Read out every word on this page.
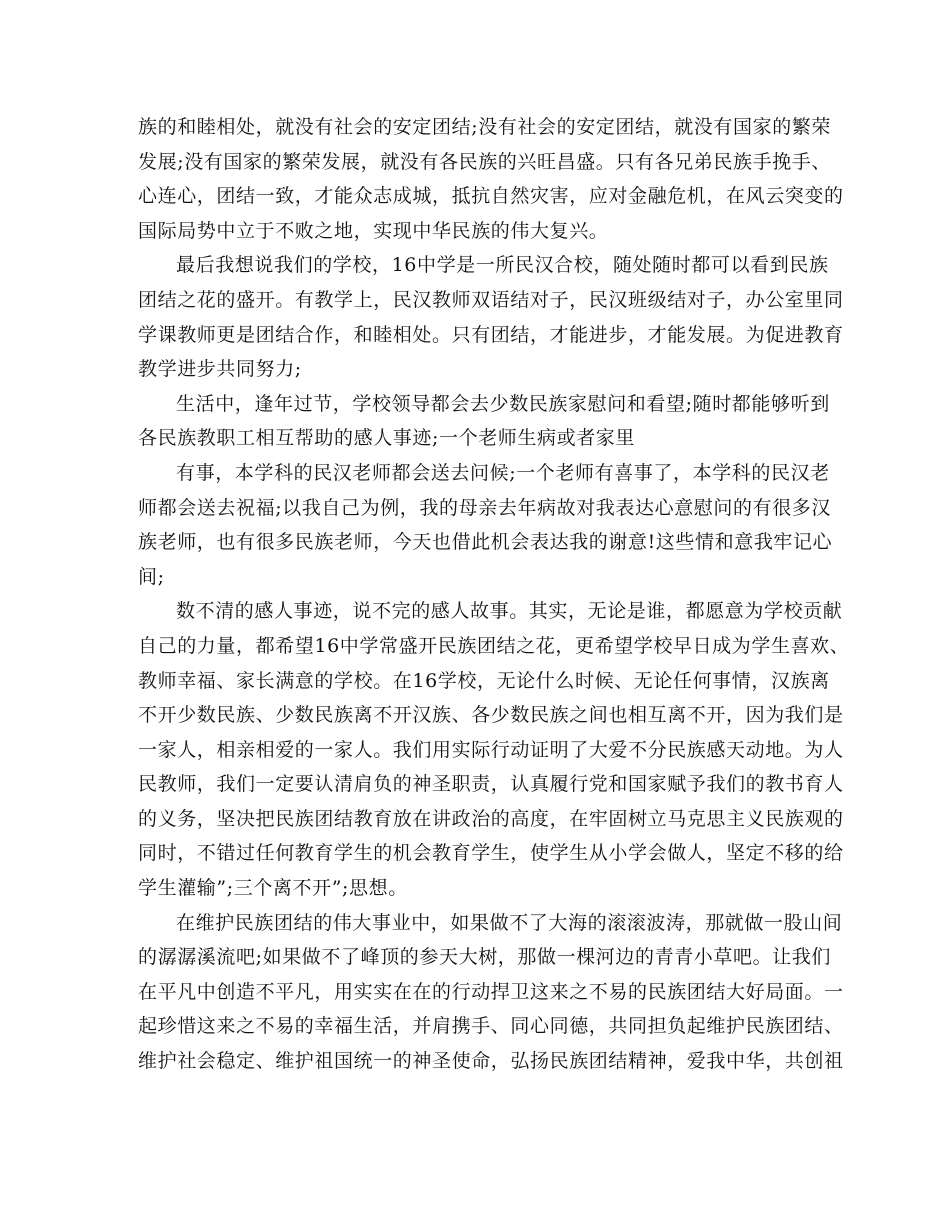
族的和睦相处，就没有社会的安定团结;没有社会的安定团结，就没有国家的繁荣
发展;没有国家的繁荣发展，就没有各民族的兴旺昌盛。只有各兄弟民族手挽手、
心连心，团结一致，才能众志成城，抵抗自然灾害，应对金融危机，在风云突变的
国际局势中立于不败之地，实现中华民族的伟大复兴。
最后我想说我们的学校，16中学是一所民汉合校，随处随时都可以看到民族
团结之花的盛开。有教学上，民汉教师双语结对子，民汉班级结对子，办公室里同
学课教师更是团结合作，和睦相处。只有团结，才能进步，才能发展。为促进教育
教学进步共同努力;
生活中，逢年过节，学校领导都会去少数民族家慰问和看望;随时都能够听到
各民族教职工相互帮助的感人事迹;一个老师生病或者家里
有事，本学科的民汉老师都会送去问候;一个老师有喜事了，本学科的民汉老
师都会送去祝福;以我自己为例，我的母亲去年病故对我表达心意慰问的有很多汉
族老师，也有很多民族老师，今天也借此机会表达我的谢意!这些情和意我牢记心
间;
数不清的感人事迹，说不完的感人故事。其实，无论是谁，都愿意为学校贡献
自己的力量，都希望16中学常盛开民族团结之花，更希望学校早日成为学生喜欢、
教师幸福、家长满意的学校。在16学校，无论什么时候、无论任何事情，汉族离
不开少数民族、少数民族离不开汉族、各少数民族之间也相互离不开，因为我们是
一家人，相亲相爱的一家人。我们用实际行动证明了大爱不分民族感天动地。为人
民教师，我们一定要认清肩负的神圣职责，认真履行党和国家赋予我们的教书育人
的义务，坚决把民族团结教育放在讲政治的高度，在牢固树立马克思主义民族观的
同时，不错过任何教育学生的机会教育学生，使学生从小学会做人，坚定不移的给
学生灌输”;三个离不开”;思想。
在维护民族团结的伟大事业中，如果做不了大海的滚滚波涛，那就做一股山间
的潺潺溪流吧;如果做不了峰顶的参天大树，那做一棵河边的青青小草吧。让我们
在平凡中创造不平凡，用实实在在的行动捍卫这来之不易的民族团结大好局面。一
起珍惜这来之不易的幸福生活，并肩携手、同心同德，共同担负起维护民族团结、
维护社会稳定、维护祖国统一的神圣使命，弘扬民族团结精神，爱我中华，共创祖
